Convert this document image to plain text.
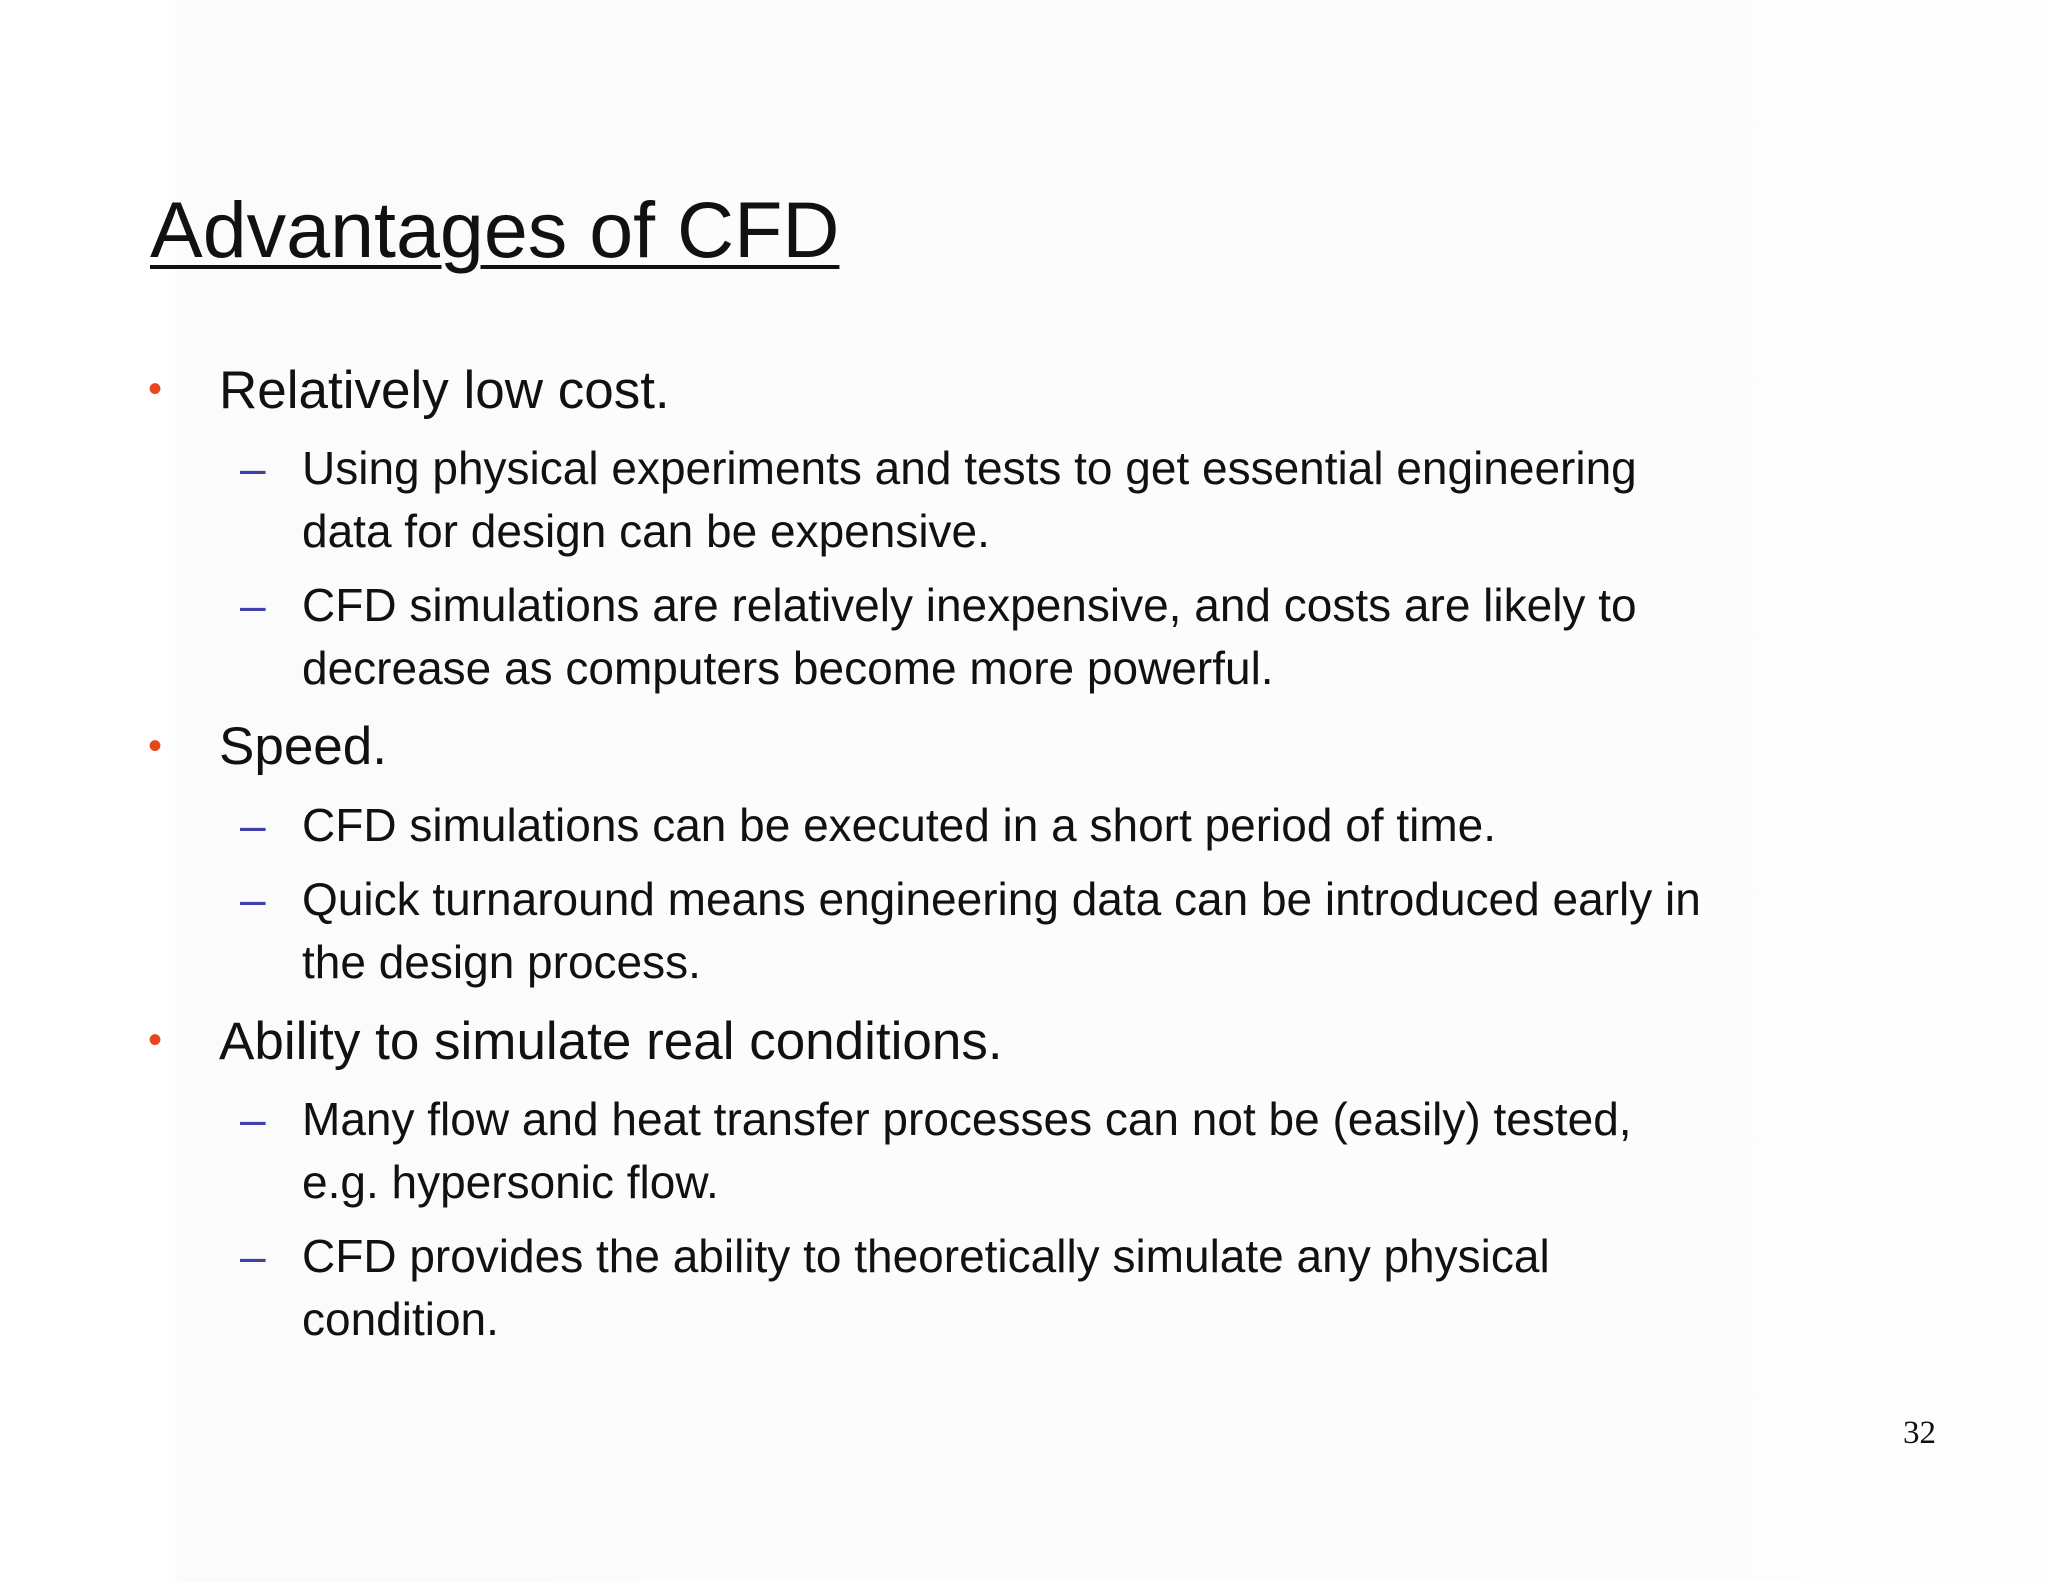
Advantages of CFD
• Relatively low cost.

– Using physical experiments and tests to get essential engineering

data for design can be expensive.

– CFD simulations are relatively inexpensive, and costs are likely to

decrease as computers become more powerful.

• Speed.

– CFD simulations can be executed in a short period of time.

– Quick turnaround means engineering data can be introduced early in

the design process.

• Ability to simulate real conditions.

– Many flow and heat transfer processes can not be (easily) tested,

e.g. hypersonic flow.

– CFD provides the ability to theoretically simulate any physical

condition.

32
